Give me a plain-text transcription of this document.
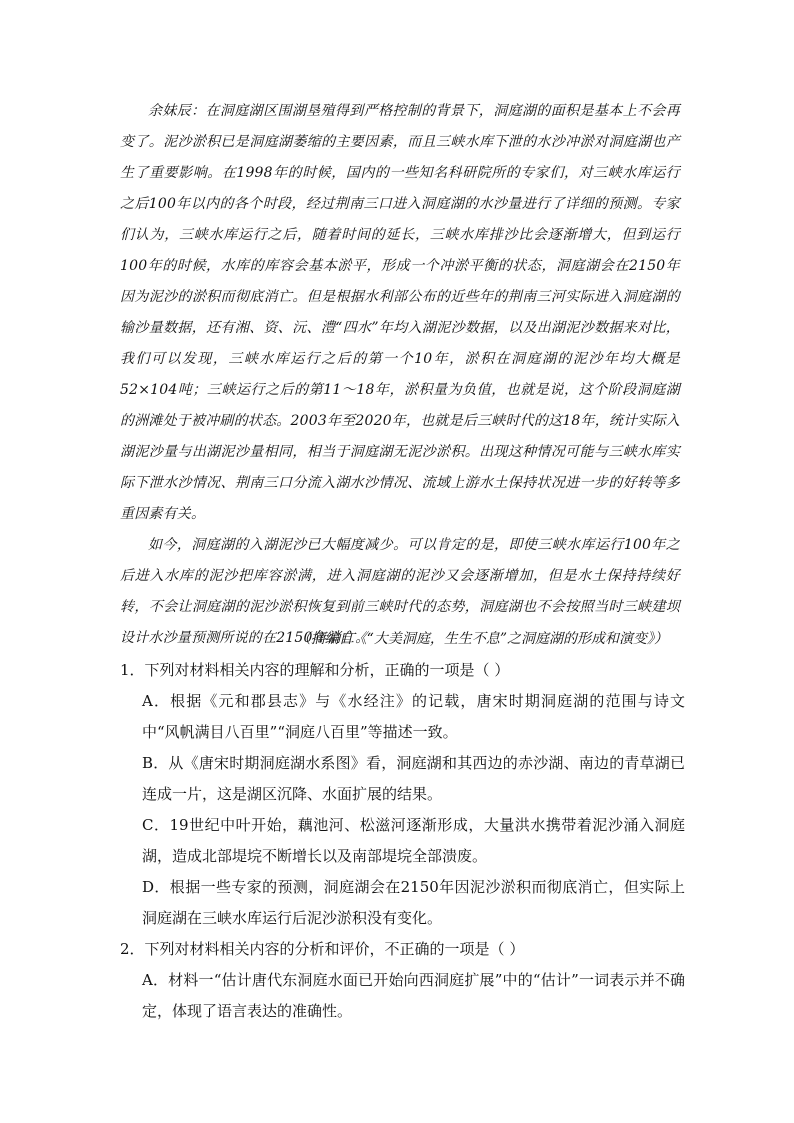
余妹辰：在洞庭湖区围湖垦殖得到严格控制的背景下，洞庭湖的面积是基本上不会再变了。泥沙淤积已是洞庭湖萎缩的主要因素，而且三峡水库下泄的水沙冲淤对洞庭湖也产生了重要影响。在1998年的时候，国内的一些知名科研院所的专家们，对三峡水库运行之后100年以内的各个时段，经过荆南三口进入洞庭湖的水沙量进行了详细的预测。专家们认为，三峡水库运行之后，随着时间的延长，三峡水库排沙比会逐渐增大，但到运行100年的时候，水库的库容会基本淤平，形成一个冲淤平衡的状态，洞庭湖会在2150年因为泥沙的淤积而彻底消亡。但是根据水利部公布的近些年的荆南三河实际进入洞庭湖的输沙量数据，还有湘、资、沅、澧“四水”年均入湖泥沙数据，以及出湖泥沙数据来对比，我们可以发现，三峡水库运行之后的第一个10年，淤积在洞庭湖的泥沙年均大概是52×104吨；三峡运行之后的第11～18年，淤积量为负值，也就是说，这个阶段洞庭湖的洲滩处于被冲刷的状态。2003年至2020年，也就是后三峡时代的这18年，统计实际入湖泥沙量与出湖泥沙量相同，相当于洞庭湖无泥沙淤积。出现这种情况可能与三峡水库实际下泄水沙情况、荆南三口分流入湖水沙情况、流域上游水土保持状况进一步的好转等多重因素有关。

如今，洞庭湖的入湖泥沙已大幅度减少。可以肯定的是，即使三峡水库运行100年之后进入水库的泥沙把库容淤满，进入洞庭湖的泥沙又会逐渐增加，但是水土保持持续好转，不会让洞庭湖的泥沙淤积恢复到前三峡时代的态势，洞庭湖也不会按照当时三峡建坝设计水沙量预测所说的在2150年消亡。

（摘编自《“大美洞庭，生生不息”之洞庭湖的形成和演变》）
1．下列对材料相关内容的理解和分析，正确的一项是（ ）
A．根据《元和郡县志》与《水经注》的记载，唐宋时期洞庭湖的范围与诗文中“风帆满目八百里”“洞庭八百里”等描述一致。
B．从《唐宋时期洞庭湖水系图》看，洞庭湖和其西边的赤沙湖、南边的青草湖已连成一片，这是湖区沉降、水面扩展的结果。
C．19世纪中叶开始，藕池河、松滋河逐渐形成，大量洪水携带着泥沙涌入洞庭湖，造成北部堤垸不断增长以及南部堤垸全部溃废。
D．根据一些专家的预测，洞庭湖会在2150年因泥沙淤积而彻底消亡，但实际上洞庭湖在三峡水库运行后泥沙淤积没有变化。
2．下列对材料相关内容的分析和评价，不正确的一项是（ ）
A．材料一“估计唐代东洞庭水面已开始向西洞庭扩展”中的“估计”一词表示并不确定，体现了语言表达的准确性。
